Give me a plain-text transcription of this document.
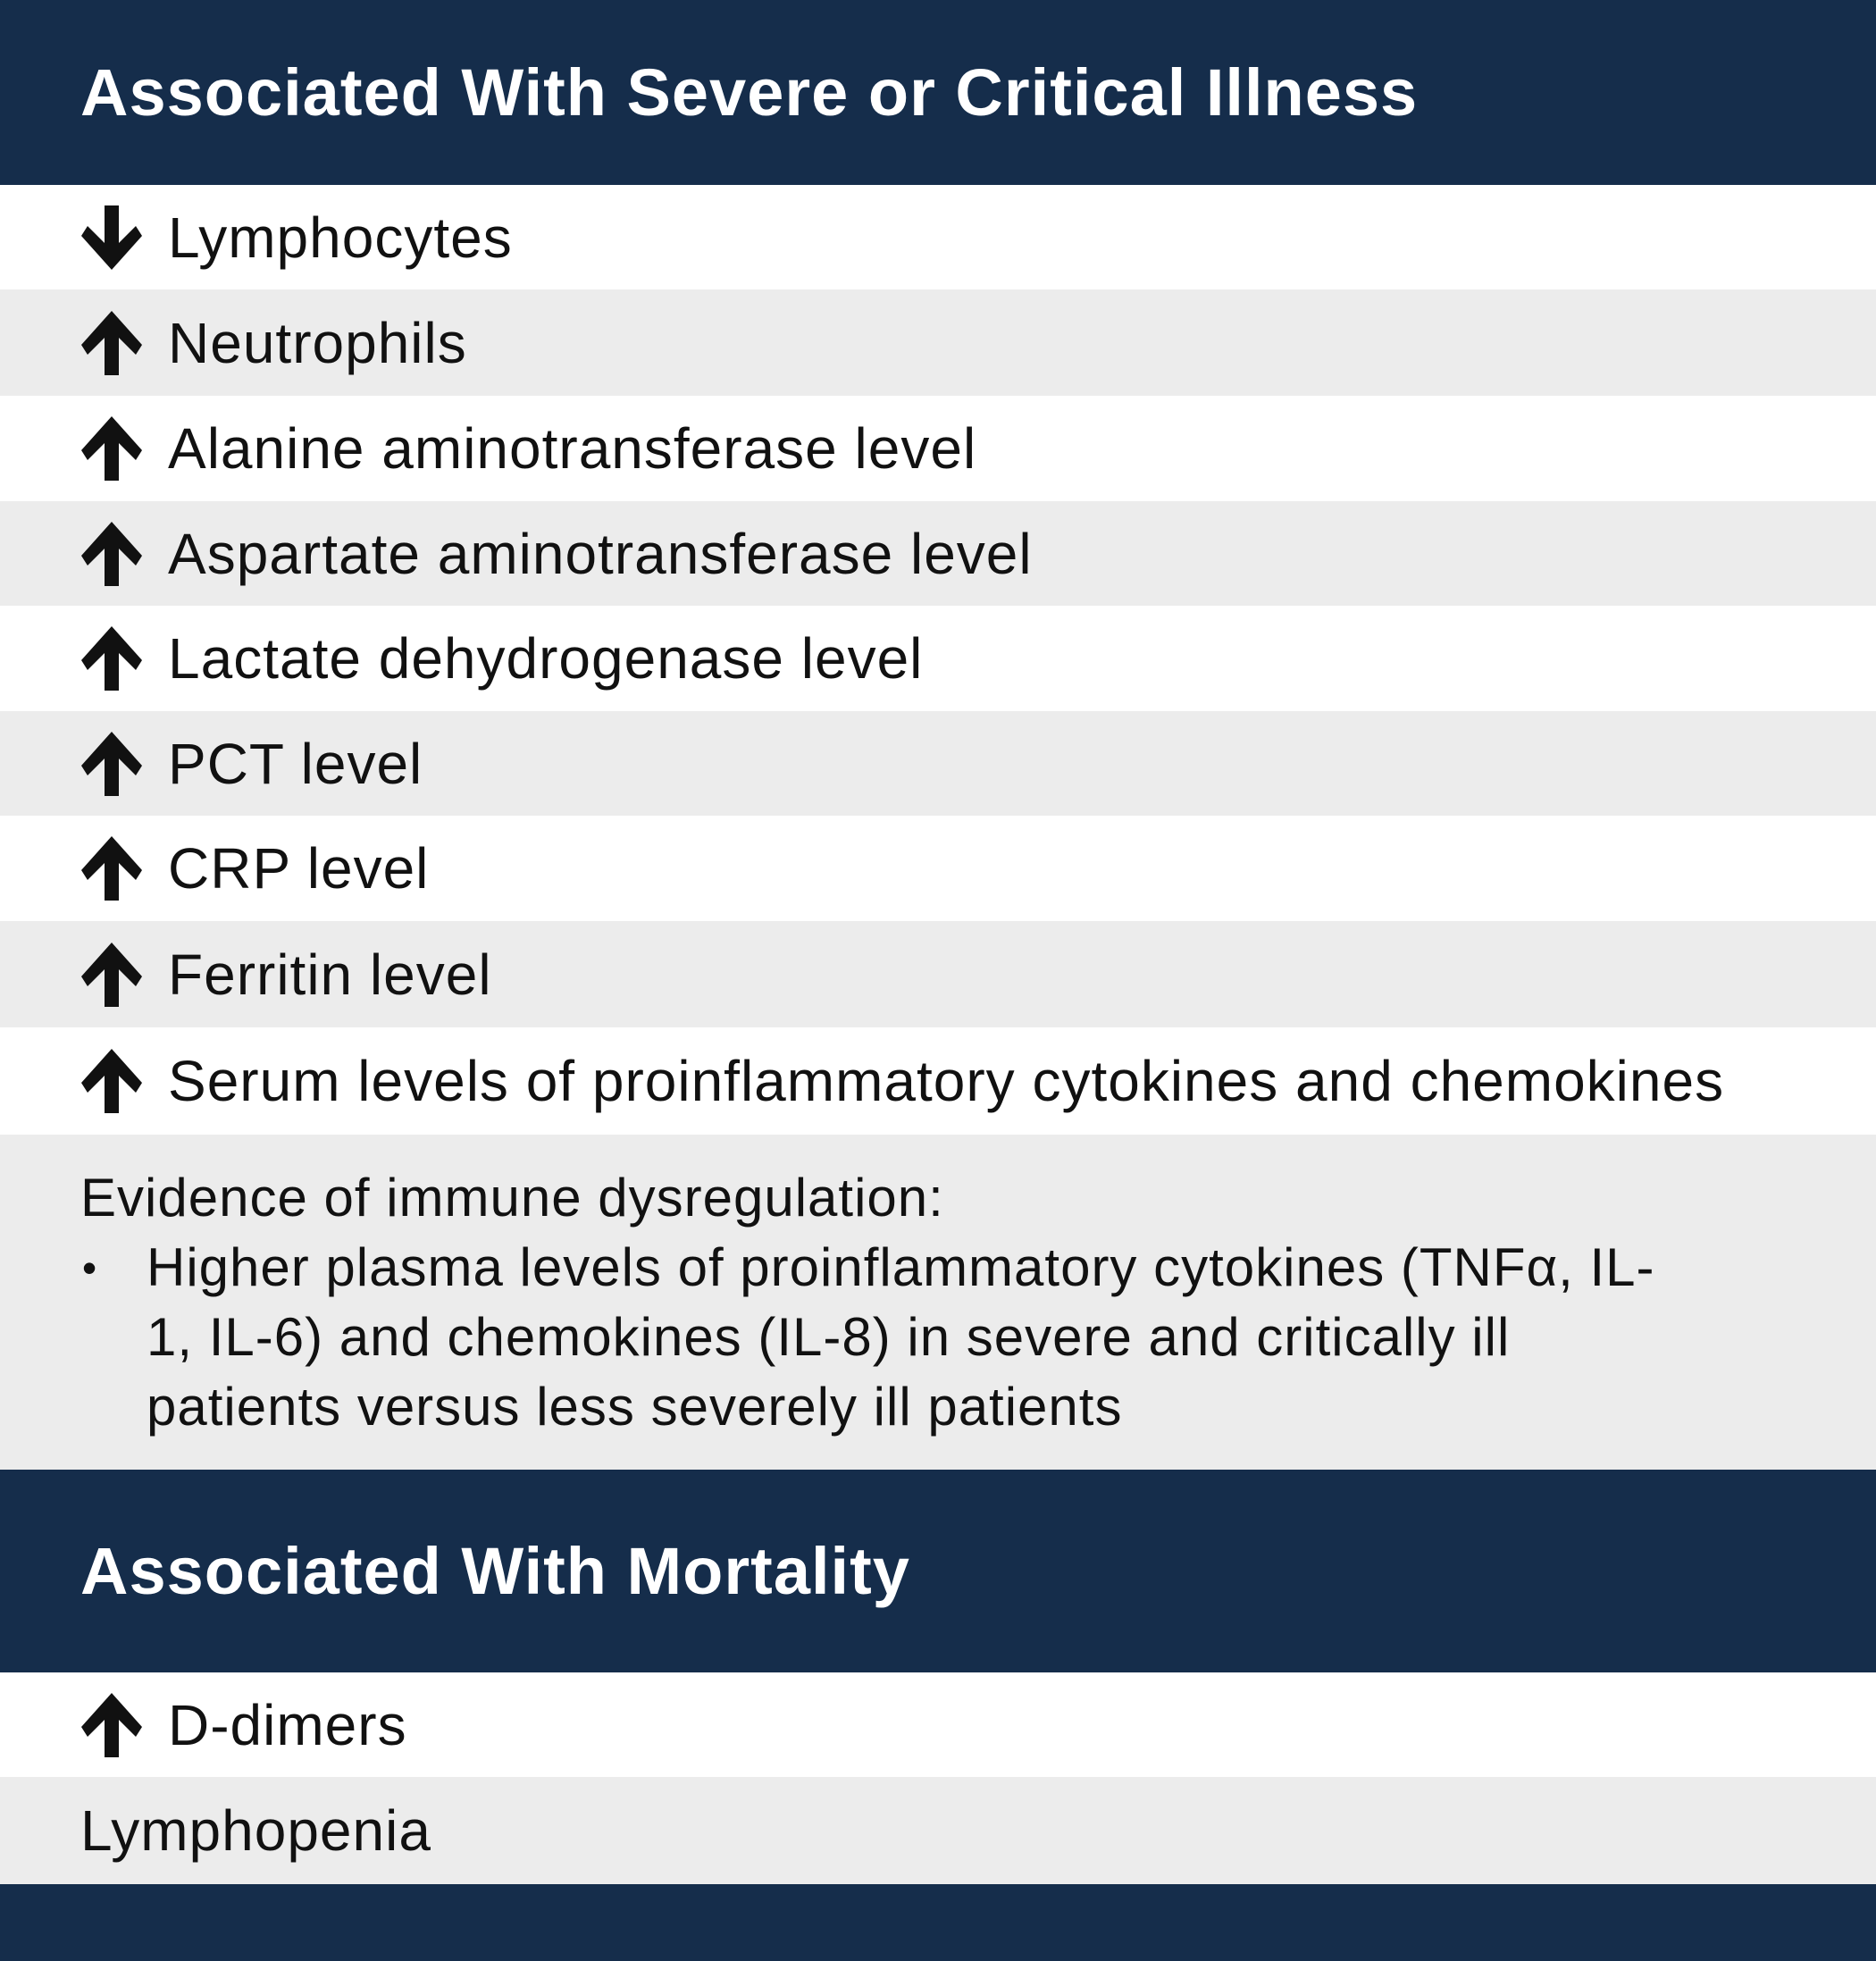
Associated With Severe or Critical Illness
Lymphocytes
Neutrophils
Alanine aminotransferase level
Aspartate aminotransferase level
Lactate dehydrogenase level
PCT level
CRP level
Ferritin level
Serum levels of proinflammatory cytokines and chemokines
Evidence of immune dysregulation:
• Higher plasma levels of proinflammatory cytokines (TNFα, IL-1, IL-6) and chemokines (IL-8) in severe and critically ill patients versus less severely ill patients
Associated With Mortality
D-dimers
Lymphopenia
